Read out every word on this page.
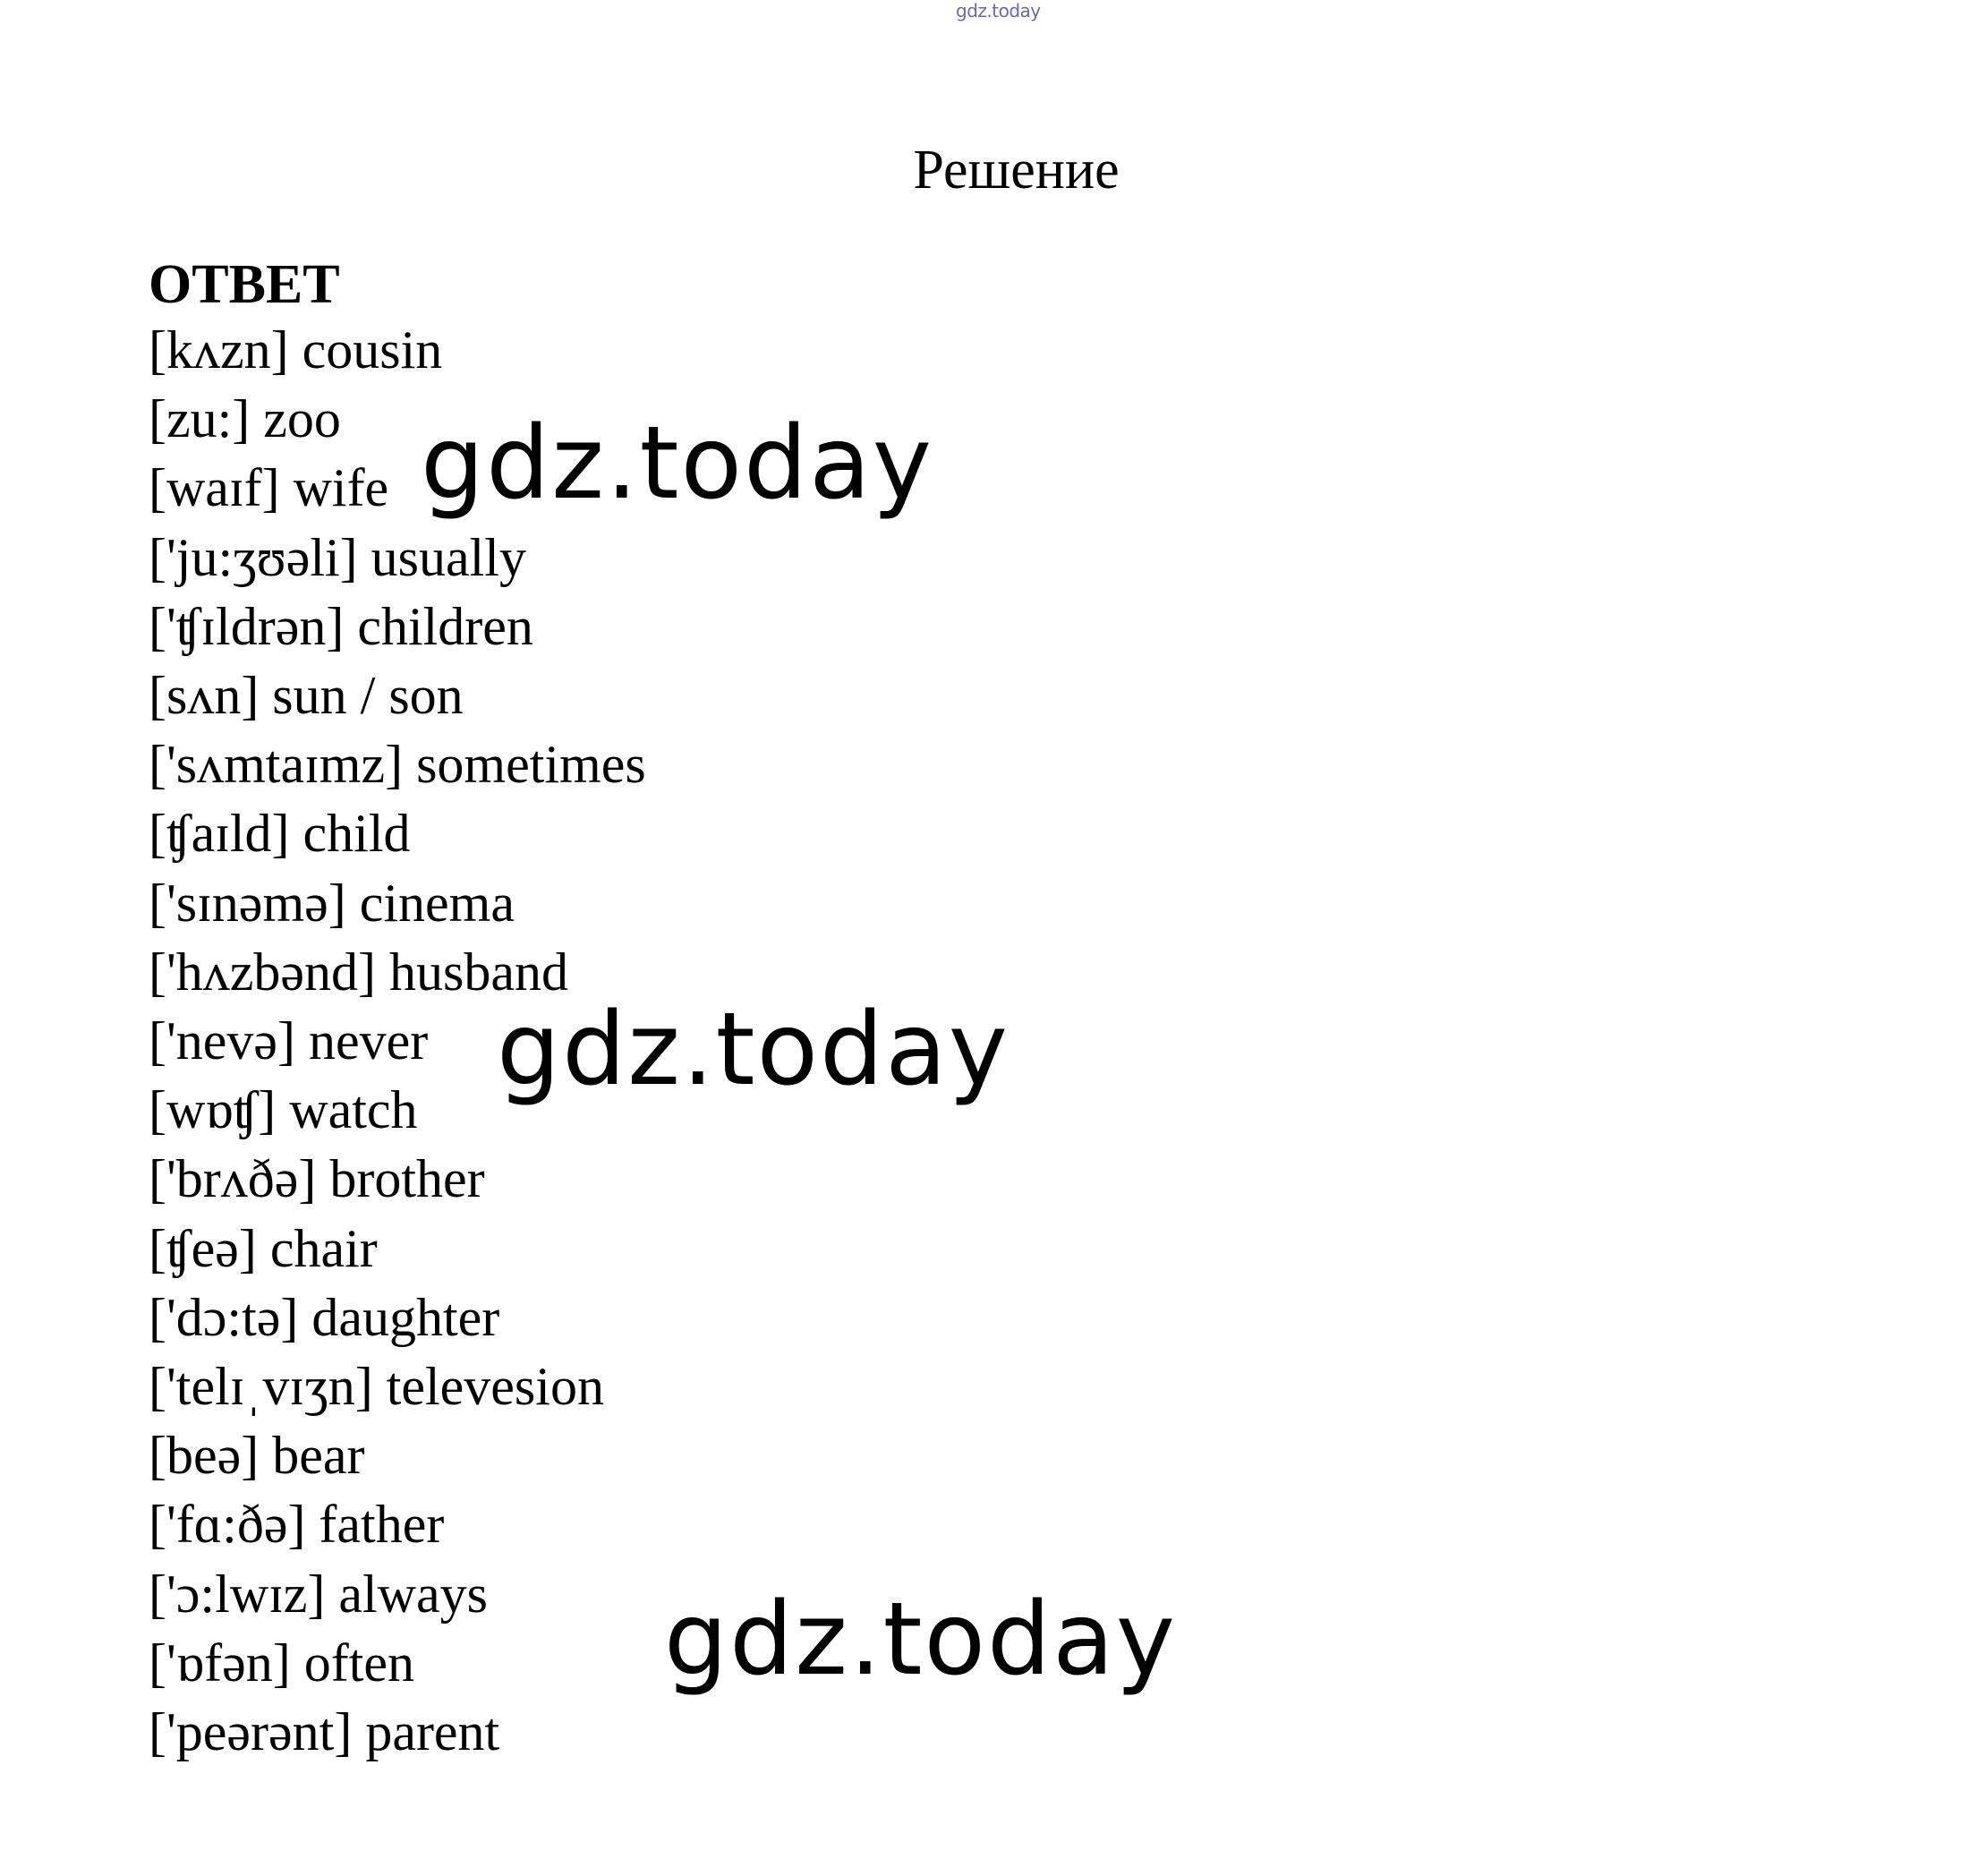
gdz.today
Решение
ОТВЕТ
[kʌzn] cousin
[zu:] zoo
[waɪf] wife
['ju:ʒʊəli] usually
['ʧɪldrən] children
[sʌn] sun / son
['sʌmtaɪmz] sometimes
[ʧaɪld] child
['sɪnəmə] cinema
['hʌzbənd] husband
['nevə] never
[wɒʧ] watch
['brʌðə] brother
[ʧeə] chair
['dɔ:tə] daughter
['telɪˌvɪʒn] televesion
[beə] bear
['fɑ:ðə] father
['ɔ:lwɪz] always
['ɒfən] often
['peərənt] parent
gdz.today
gdz.today
gdz.today
